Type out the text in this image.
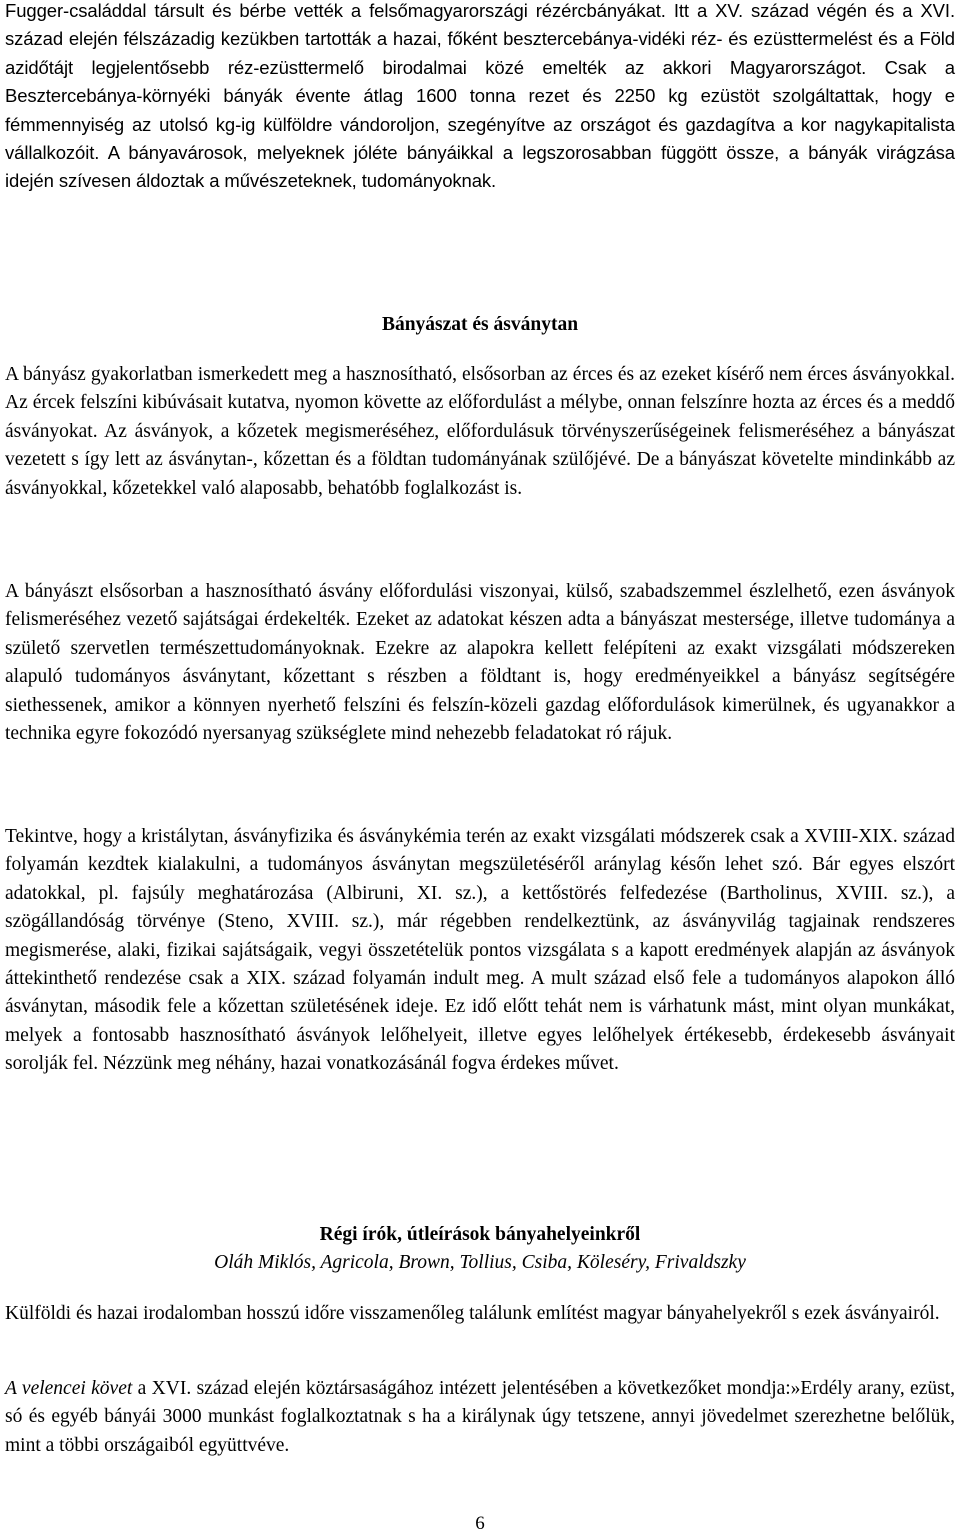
Fugger-családdal társult és bérbe vették a felsőmagyarországi rézércbányákat. Itt a XV. század végén és a XVI. század elején félszázadig kezükben tartották a hazai, főként besztercebánya-vidéki réz- és ezüsttermelést és a Föld azidőtájt legjelentősebb réz-ezüsttermelő birodalmai közé emelték az akkori Magyarországot. Csak a Besztercebánya-környéki bányák évente átlag 1600 tonna rezet és 2250 kg ezüstöt szolgáltattak, hogy e fémmennyiség az utolsó kg-ig külföldre vándoroljon, szegényítve az országot és gazdagítva a kor nagykapitalista vállalkozóit. A bányavárosok, melyeknek jóléte bányáikkal a legszorosabban függött össze, a bányák virágzása idején szívesen áldoztak a művészeteknek, tudományoknak.

Bányászat és ásványtan

A bányász gyakorlatban ismerkedett meg a hasznosítható, elsősorban az érces és az ezeket kísérő nem érces ásványokkal. Az ércek felszíni kibúvásait kutatva, nyomon követte az előfordulást a mélybe, onnan felszínre hozta az érces és a meddő ásványokat. Az ásványok, a kőzetek megismeréséhez, előfordulásuk törvényszerűségeinek felismeréséhez a bányászat vezetett s így lett az ásványtan-, kőzettan és a földtan tudományának szülőjévé. De a bányászat követelte mindinkább az ásványokkal, kőzetekkel való alaposabb, behatóbb foglalkozást is.

A bányászt elsősorban a hasznosítható ásvány előfordulási viszonyai, külső, szabadszemmel észlelhető, ezen ásványok felismeréséhez vezető sajátságai érdekelték. Ezeket az adatokat készen adta a bányászat mestersége, illetve tudománya a születő szervetlen természettudományoknak. Ezekre az alapokra kellett felépíteni az exakt vizsgálati módszereken alapuló tudományos ásványtant, kőzettant s részben a földtant is, hogy eredményeikkel a bányász segítségére siethessenek, amikor a könnyen nyerhető felszíni és felszín-közeli gazdag előfordulások kimerülnek, és ugyanakkor a technika egyre fokozódó nyersanyag szükséglete mind nehezebb feladatokat ró rájuk.

Tekintve, hogy a kristálytan, ásványfizika és ásványkémia terén az exakt vizsgálati módszerek csak a XVIII-XIX. század folyamán kezdtek kialakulni, a tudományos ásványtan megszületéséről aránylag későn lehet szó. Bár egyes elszórt adatokkal, pl. fajsúly meghatározása (Albiruni, XI. sz.), a kettőstörés felfedezése (Bartholinus, XVIII. sz.), a szögállandóság törvénye (Steno, XVIII. sz.), már régebben rendelkeztünk, az ásványvilág tagjainak rendszeres megismerése, alaki, fizikai sajátságaik, vegyi összetételük pontos vizsgálata s a kapott eredmények alapján az ásványok áttekinthető rendezése csak a XIX. század folyamán indult meg. A mult század első fele a tudományos alapokon álló ásványtan, második fele a kőzettan születésének ideje. Ez idő előtt tehát nem is várhatunk mást, mint olyan munkákat, melyek a fontosabb hasznosítható ásványok lelőhelyeit, illetve egyes lelőhelyek értékesebb, érdekesebb ásványait sorolják fel. Nézzünk meg néhány, hazai vonatkozásánál fogva érdekes művet.

Régi írók, útleírások bányahelyeinkről

Oláh Miklós, Agricola, Brown, Tollius, Csiba, Köleséry, Frivaldszky

Külföldi és hazai irodalomban hosszú időre visszamenőleg találunk említést magyar bányahelyekről s ezek ásványairól.

A velencei követ a XVI. század elején köztársaságához intézett jelentésében a következőket mondja:»Erdély arany, ezüst, só és egyéb bányái 3000 munkást foglalkoztatnak s ha a királynak úgy tetszene, annyi jövedelmet szerezhetne belőlük, mint a többi országaiból együttvéve.

6
